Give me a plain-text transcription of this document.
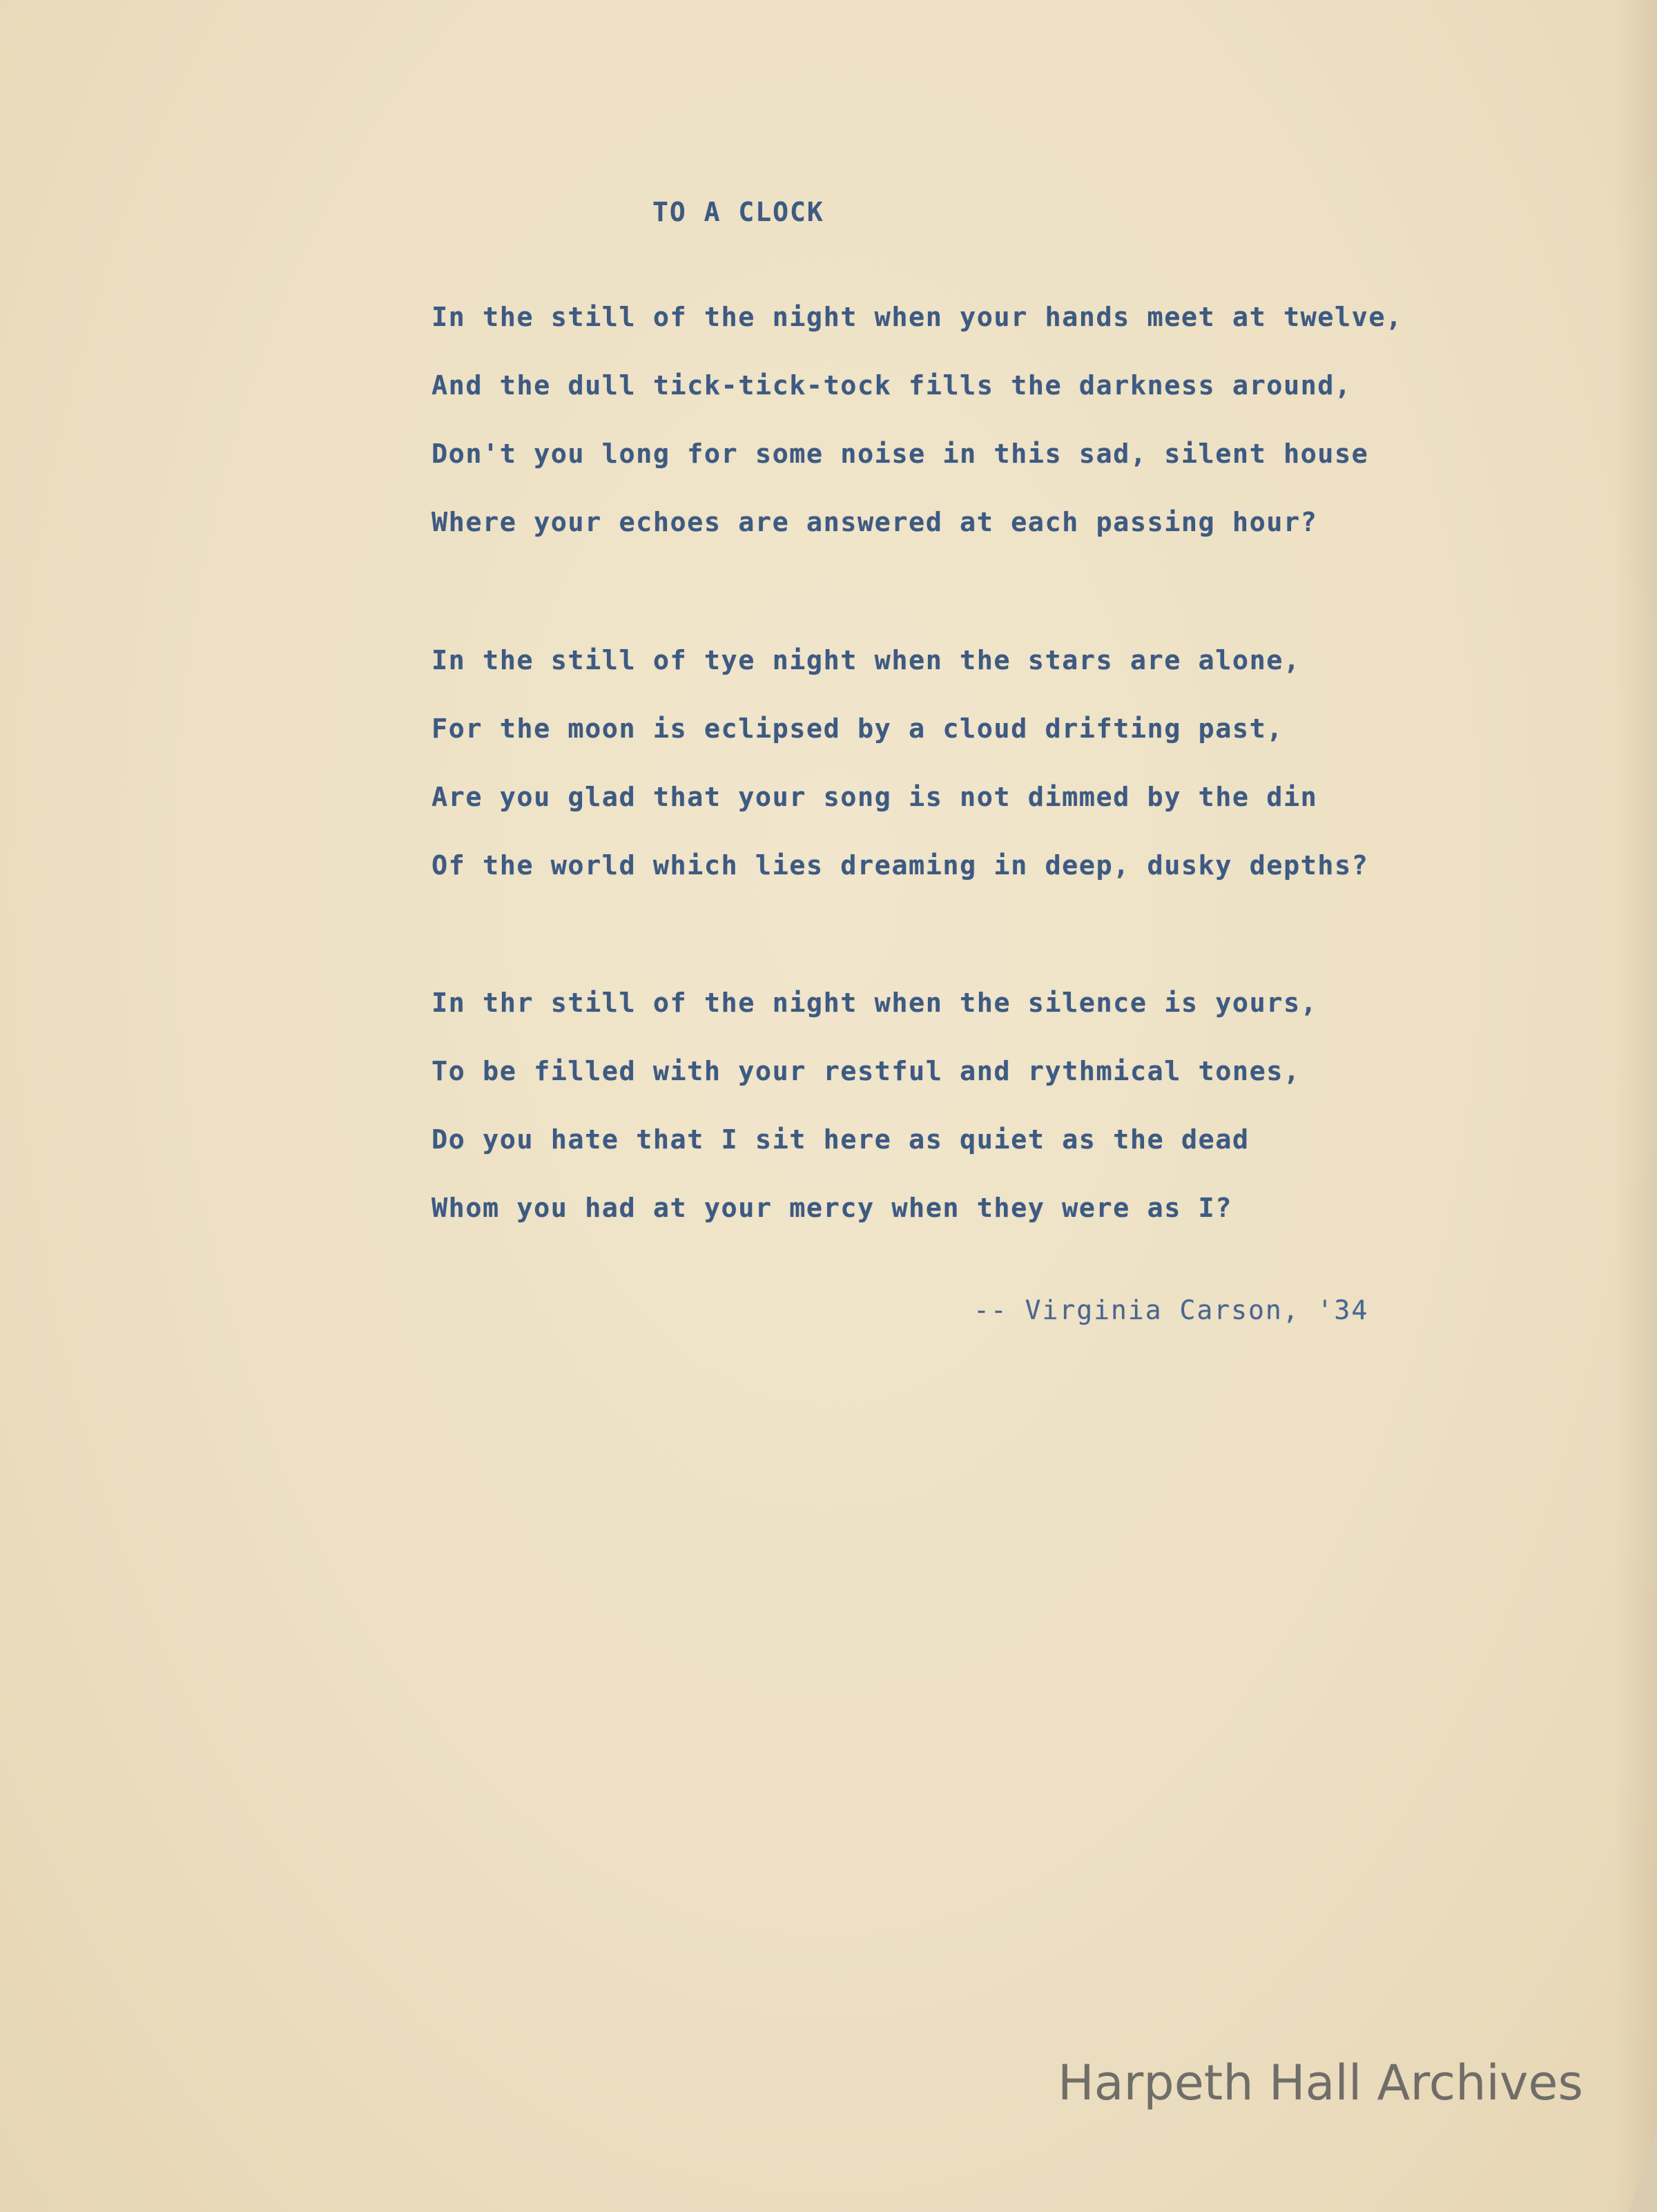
TO A CLOCK
In the still of the night when your hands meet at twelve,
And the dull tick-tick-tock fills the darkness around,
Don't you long for some noise in this sad, silent house
Where your echoes are answered at each passing hour?
In the still of tye night when the stars are alone,
For the moon is eclipsed by a cloud drifting past,
Are you glad that your song is not dimmed by the din
Of the world which lies dreaming in deep, dusky depths?
In thr still of the night when the silence is yours,
To be filled with your restful and rythmical tones,
Do you hate that I sit here as quiet as the dead
Whom you had at your mercy when they were as I?
-- Virginia Carson, '34
Harpeth Hall Archives
